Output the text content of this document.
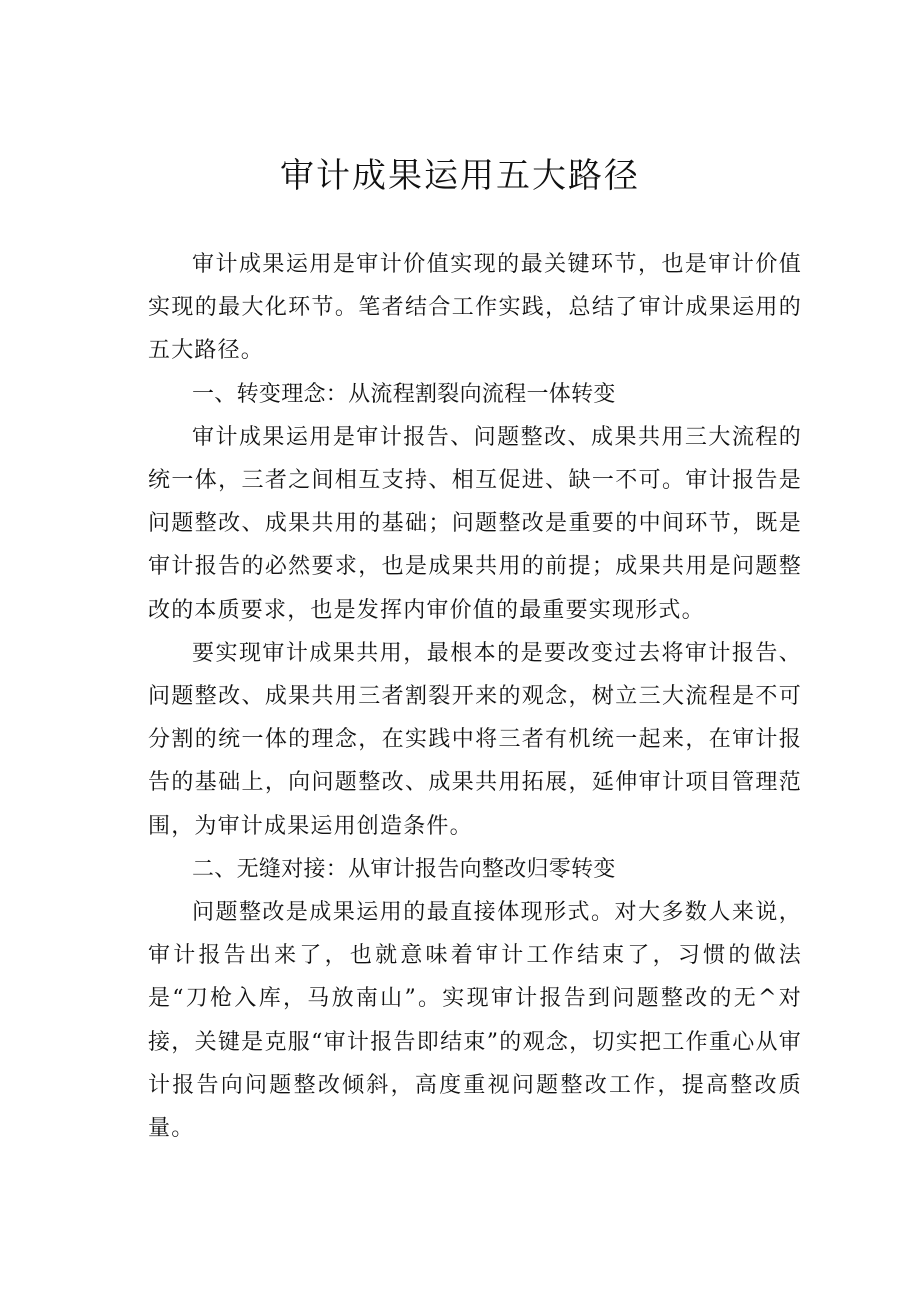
审计成果运用五大路径

审计成果运用是审计价值实现的最关键环节，也是审计价值实现的最大化环节。笔者结合工作实践，总结了审计成果运用的五大路径。

一、转变理念：从流程割裂向流程一体转变

审计成果运用是审计报告、问题整改、成果共用三大流程的统一体，三者之间相互支持、相互促进、缺一不可。审计报告是问题整改、成果共用的基础；问题整改是重要的中间环节，既是审计报告的必然要求，也是成果共用的前提；成果共用是问题整改的本质要求，也是发挥内审价值的最重要实现形式。

要实现审计成果共用，最根本的是要改变过去将审计报告、问题整改、成果共用三者割裂开来的观念，树立三大流程是不可分割的统一体的理念，在实践中将三者有机统一起来，在审计报告的基础上，向问题整改、成果共用拓展，延伸审计项目管理范围，为审计成果运用创造条件。

二、无缝对接：从审计报告向整改归零转变

问题整改是成果运用的最直接体现形式。对大多数人来说，审计报告出来了，也就意味着审计工作结束了，习惯的做法是“刀枪入库，马放南山”。实现审计报告到问题整改的无^对接，关键是克服“审计报告即结束”的观念，切实把工作重心从审计报告向问题整改倾斜，高度重视问题整改工作，提高整改质量。
